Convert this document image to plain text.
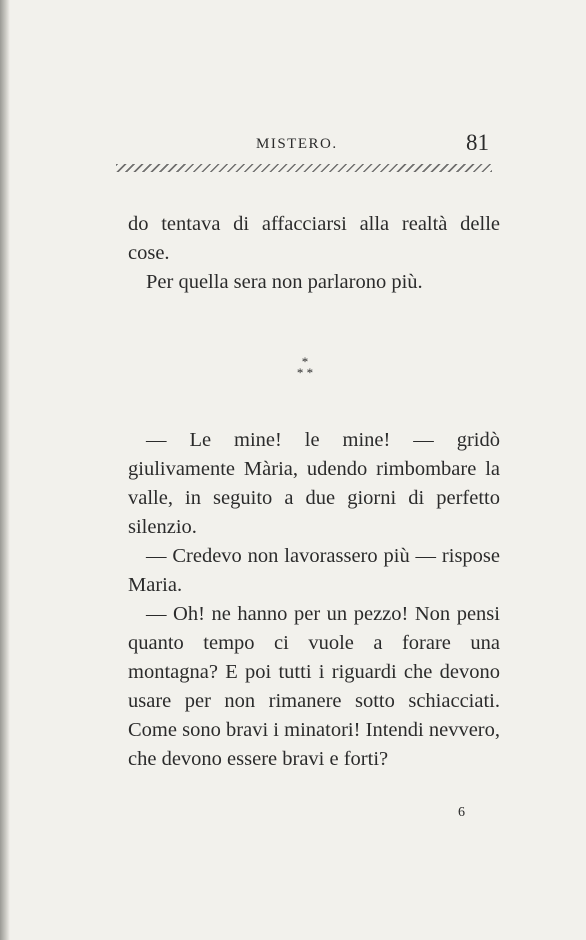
MISTERO.	81

do tentava di affacciarsi alla realtà delle cose.

Per quella sera non parlarono più.

*
* *

— Le mine! le mine! — gridò giulivamente Mària, udendo rimbombare la valle, in seguito a due giorni di perfetto silenzio.

— Credevo non lavorassero più — rispose Maria.

— Oh! ne hanno per un pezzo! Non pensi quanto tempo ci vuole a forare una montagna? E poi tutti i riguardi che devono usare per non rimanere sotto schiacciati. Come sono bravi i minatori! Intendi nevvero, che devono essere bravi e forti?

6
